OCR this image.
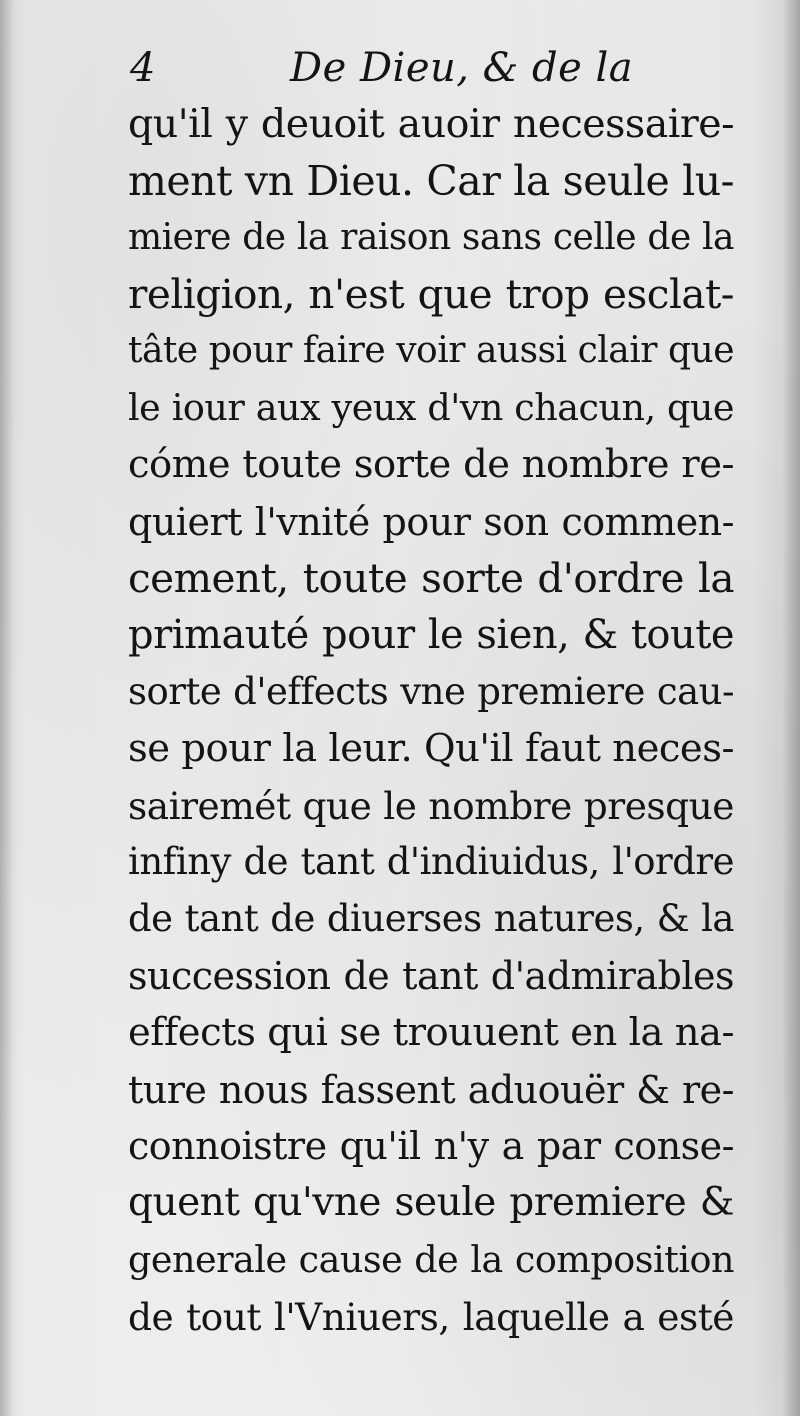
4	De Dieu, & de la
qu'il y deuoit auoir necessaire-
ment vn Dieu. Car la seule lu-
miere de la raison sans celle de la
religion, n'est que trop esclat-
tâte pour faire voir aussi clair que
le iour aux yeux d'vn chacun, que
cóme toute sorte de nombre re-
quiert l'vnité pour son commen-
cement, toute sorte d'ordre la
primauté pour le sien, & toute
sorte d'effects vne premiere cau-
se pour la leur. Qu'il faut neces-
sairemét que le nombre presque
infiny de tant d'indiuidus, l'ordre
de tant de diuerses natures, & la
succession de tant d'admirables
effects qui se trouuent en la na-
ture nous fassent aduouër & re-
connoistre qu'il n'y a par conse-
quent qu'vne seule premiere &
generale cause de la composition
de tout l'Vniuers, laquelle a esté
